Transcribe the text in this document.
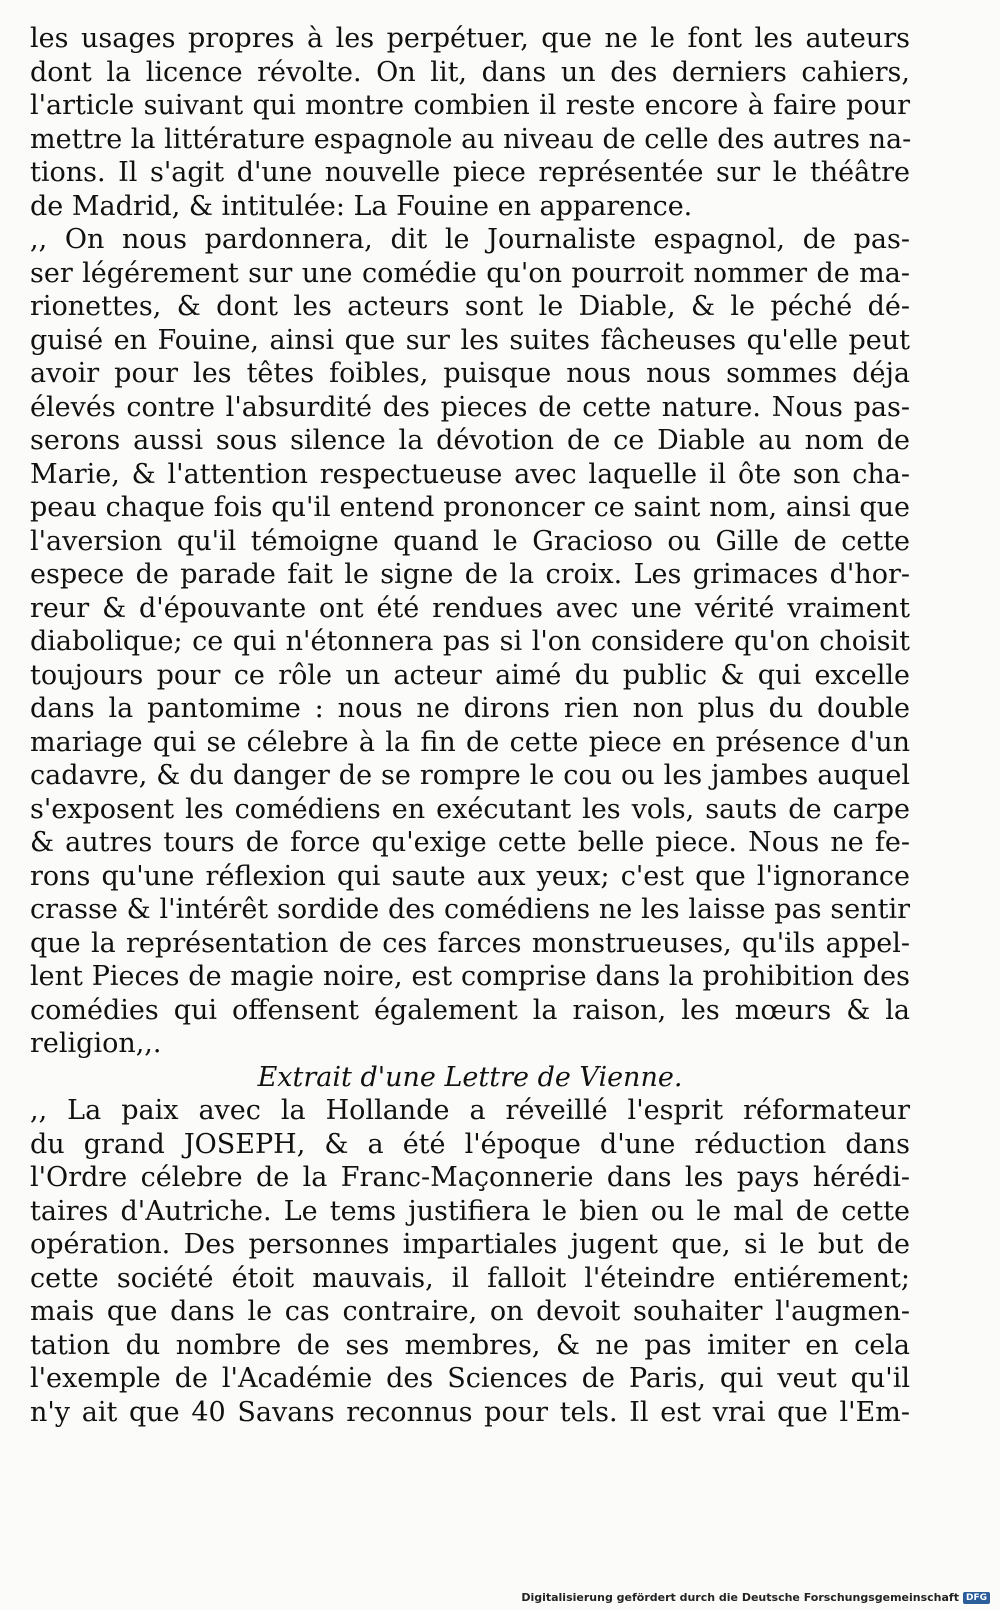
les usages propres à les perpétuer, que ne le font les auteurs
dont la licence révolte. On lit, dans un des derniers cahiers,
l'article suivant qui montre combien il reste encore à faire pour
mettre la littérature espagnole au niveau de celle des autres na-
tions. Il s'agit d'une nouvelle piece représentée sur le théâtre
de Madrid, & intitulée: La Fouine en apparence.
,, On nous pardonnera, dit le Journaliste espagnol, de pas-
ser légérement sur une comédie qu'on pourroit nommer de ma-
rionettes, & dont les acteurs sont le Diable, & le péché dé-
guisé en Fouine, ainsi que sur les suites fâcheuses qu'elle peut
avoir pour les têtes foibles, puisque nous nous sommes déja
élevés contre l'absurdité des pieces de cette nature. Nous pas-
serons aussi sous silence la dévotion de ce Diable au nom de
Marie, & l'attention respectueuse avec laquelle il ôte son cha-
peau chaque fois qu'il entend prononcer ce saint nom, ainsi que
l'aversion qu'il témoigne quand le Gracioso ou Gille de cette
espece de parade fait le signe de la croix. Les grimaces d'hor-
reur & d'épouvante ont été rendues avec une vérité vraiment
diabolique; ce qui n'étonnera pas si l'on considere qu'on choisit
toujours pour ce rôle un acteur aimé du public & qui excelle
dans la pantomime : nous ne dirons rien non plus du double
mariage qui se célebre à la fin de cette piece en présence d'un
cadavre, & du danger de se rompre le cou ou les jambes auquel
s'exposent les comédiens en exécutant les vols, sauts de carpe
& autres tours de force qu'exige cette belle piece. Nous ne fe-
rons qu'une réflexion qui saute aux yeux; c'est que l'ignorance
crasse & l'intérêt sordide des comédiens ne les laisse pas sentir
que la représentation de ces farces monstrueuses, qu'ils appel-
lent Pieces de magie noire, est comprise dans la prohibition des
comédies qui offensent également la raison, les mœurs & la
religion,,.
Extrait d'une Lettre de Vienne.
,, La paix avec la Hollande a réveillé l'esprit réformateur
du grand JOSEPH, & a été l'époque d'une réduction dans
l'Ordre célebre de la Franc-Maçonnerie dans les pays hérédi-
taires d'Autriche. Le tems justifiera le bien ou le mal de cette
opération. Des personnes impartiales jugent que, si le but de
cette société étoit mauvais, il falloit l'éteindre entiérement;
mais que dans le cas contraire, on devoit souhaiter l'augmen-
tation du nombre de ses membres, & ne pas imiter en cela
l'exemple de l'Académie des Sciences de Paris, qui veut qu'il
n'y ait que 40 Savans reconnus pour tels. Il est vrai que l'Em-
Digitalisierung gefördert durch die Deutsche Forschungsgemeinschaft DFG
